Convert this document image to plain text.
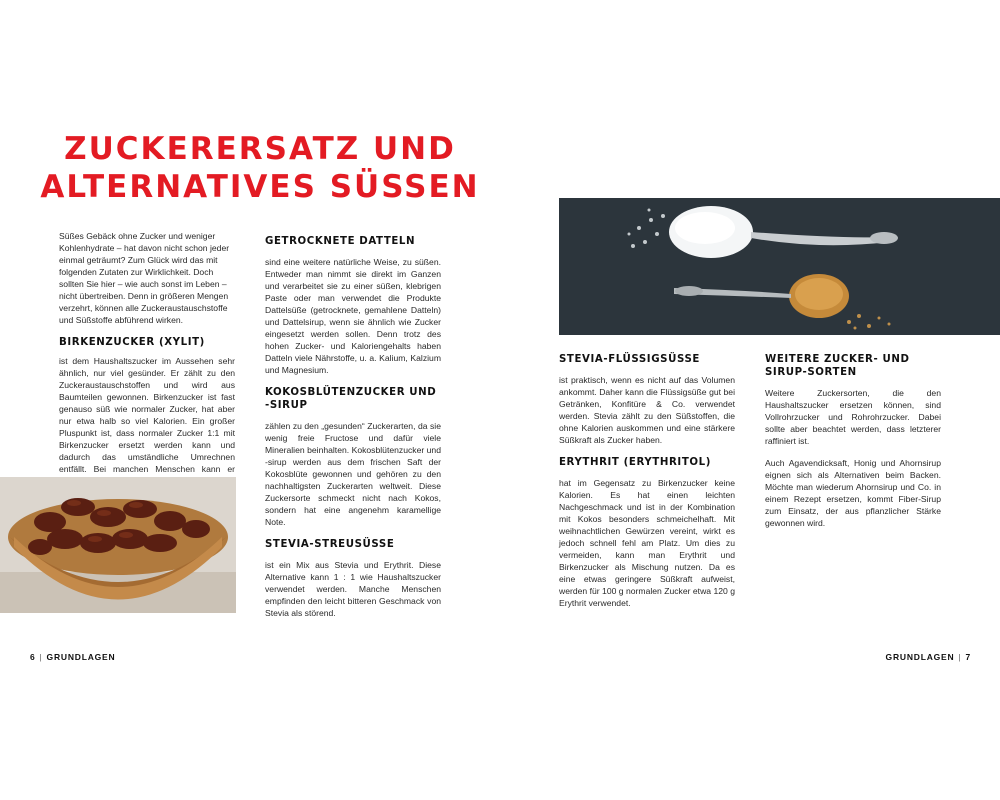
ZUCKERERSATZ UND
ALTERNATIVES SÜSSEN

Süßes Gebäck ohne Zucker und weniger Kohlenhydrate – hat davon nicht schon jeder einmal geträumt? Zum Glück wird das mit folgenden Zutaten zur Wirklichkeit. Doch sollten Sie hier – wie auch sonst im Leben – nicht übertreiben. Denn in größeren Mengen verzehrt, können alle Zuckeraustauschstoffe und Süßstoffe abführend wirken.

BIRKENZUCKER (XYLIT)

ist dem Haushaltszucker im Aussehen sehr ähnlich, nur viel gesünder. Er zählt zu den Zuckeraustauschstoffen und wird aus Baumteilen gewonnen. Birkenzucker ist fast genauso süß wie normaler Zucker, hat aber nur etwa halb so viel Kalorien. Ein großer Pluspunkt ist, dass normaler Zucker 1:1 mit Birkenzucker ersetzt werden kann und dadurch das umständliche Umrechnen entfällt. Bei manchen Menschen kann er

GETROCKNETE DATTELN

sind eine weitere natürliche Weise, zu süßen. Entweder man nimmt sie direkt im Ganzen und verarbeitet sie zu einer süßen, klebrigen Paste oder man verwendet die Produkte Dattelsüße (getrocknete, gemahlene Datteln) und Dattelsirup, wenn sie ähnlich wie Zucker eingesetzt werden sollen. Denn trotz des hohen Zucker- und Kaloriengehalts haben Datteln viele Nährstoffe, u. a. Kalium, Kalzium und Magnesium.

KOKOSBLÜTENZUCKER UND -SIRUP

zählen zu den „gesunden“ Zuckerarten, da sie wenig freie Fructose und dafür viele Mineralien beinhalten. Kokosblütenzucker und -sirup werden aus dem frischen Saft der Kokosblüte gewonnen und gehören zu den nachhaltigsten Zuckerarten weltweit. Diese Zuckersorte schmeckt nicht nach Kokos, sondern hat eine angenehm karamellige Note.

STEVIA-STREUSÜSSE

ist ein Mix aus Stevia und Erythrit. Diese Alternative kann 1 : 1 wie Haushaltszucker verwendet werden. Manche Menschen empfinden den leicht bitteren Geschmack von Stevia als störend.

STEVIA-FLÜSSIGSÜSSE

ist praktisch, wenn es nicht auf das Volumen ankommt. Daher kann die Flüssigsüße gut bei Getränken, Konfitüre & Co. verwendet werden. Stevia zählt zu den Süßstoffen, die ohne Kalorien auskommen und eine stärkere Süßkraft als Zucker haben.

ERYTHRIT (ERYTHRITOL)

hat im Gegensatz zu Birkenzucker keine Kalorien. Es hat einen leichten Nachgeschmack und ist in der Kombination mit Kokos besonders schmeichelhaft. Mit weihnachtlichen Gewürzen vereint, wirkt es jedoch schnell fehl am Platz. Um dies zu vermeiden, kann man Erythrit und Birkenzucker als Mischung nutzen. Da es eine etwas geringere Süßkraft aufweist, werden für 100 g normalen Zucker etwa 120 g Erythrit verwendet.

WEITERE ZUCKER- UND SIRUP-SORTEN

Weitere Zuckersorten, die den Haushaltszucker ersetzen können, sind Vollrohrzucker und Rohrohrzucker. Dabei sollte aber beachtet werden, dass letzterer raffiniert ist.

Auch Agavendicksaft, Honig und Ahornsirup eignen sich als Alternativen beim Backen. Möchte man wiederum Ahornsirup und Co. in einem Rezept ersetzen, kommt Fiber-Sirup zum Einsatz, der aus pflanzlicher Stärke gewonnen wird.

6 | GRUNDLAGEN	GRUNDLAGEN | 7
